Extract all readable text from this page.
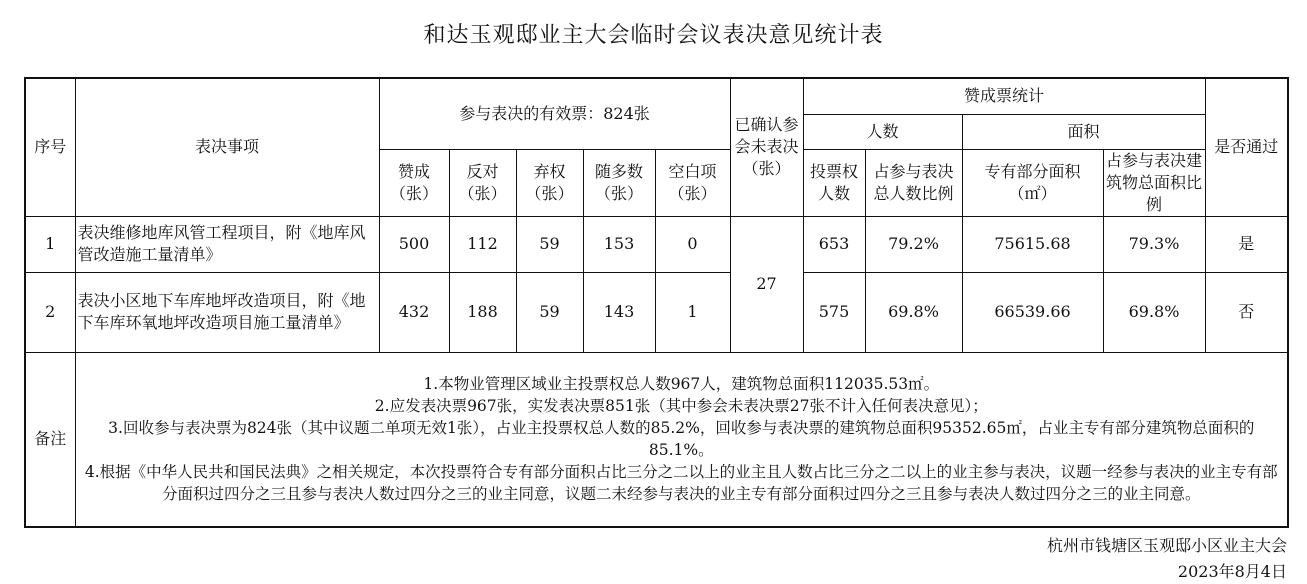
和达玉观邸业主大会临时会议表决意见统计表
序号	表决事项	参与表决的有效票：824张					已确认参会未表决（张）	赞成票统计				是否通过
								人数		面积		
		赞成（张）	反对（张）	弃权（张）	随多数（张）	空白项（张）		投票权人数	占参与表决总人数比例	专有部分面积（㎡）	占参与表决建筑物总面积比例	
1	表决维修地库风管工程项目，附《地库风管改造施工量清单》	500	112	59	153	0	27	653	79.2%	75615.68	79.3%	是
2	表决小区地下车库地坪改造项目，附《地下车库环氧地坪改造项目施工量清单》	432	188	59	143	1		575	69.8%	66539.66	69.8%	否
备注	1.本物业管理区域业主投票权总人数967人，建筑物总面积112035.53㎡。
2.应发表决票967张，实发表决票851张（其中参会未表决票27张不计入任何表决意见）；
3.回收参与表决票为824张（其中议题二单项无效1张），占业主投票权总人数的85.2%，回收参与表决票的建筑物总面积95352.65㎡，占业主专有部分建筑物总面积的85.1%。
4.根据《中华人民共和国民法典》之相关规定，本次投票符合专有部分面积占比三分之二以上的业主且人数占比三分之二以上的业主参与表决，议题一经参与表决的业主专有部分面积过四分之三且参与表决人数过四分之三的业主同意，议题二未经参与表决的业主专有部分面积过四分之三且参与表决人数过四分之三的业主同意。											
杭州市钱塘区玉观邸小区业主大会
2023年8月4日
